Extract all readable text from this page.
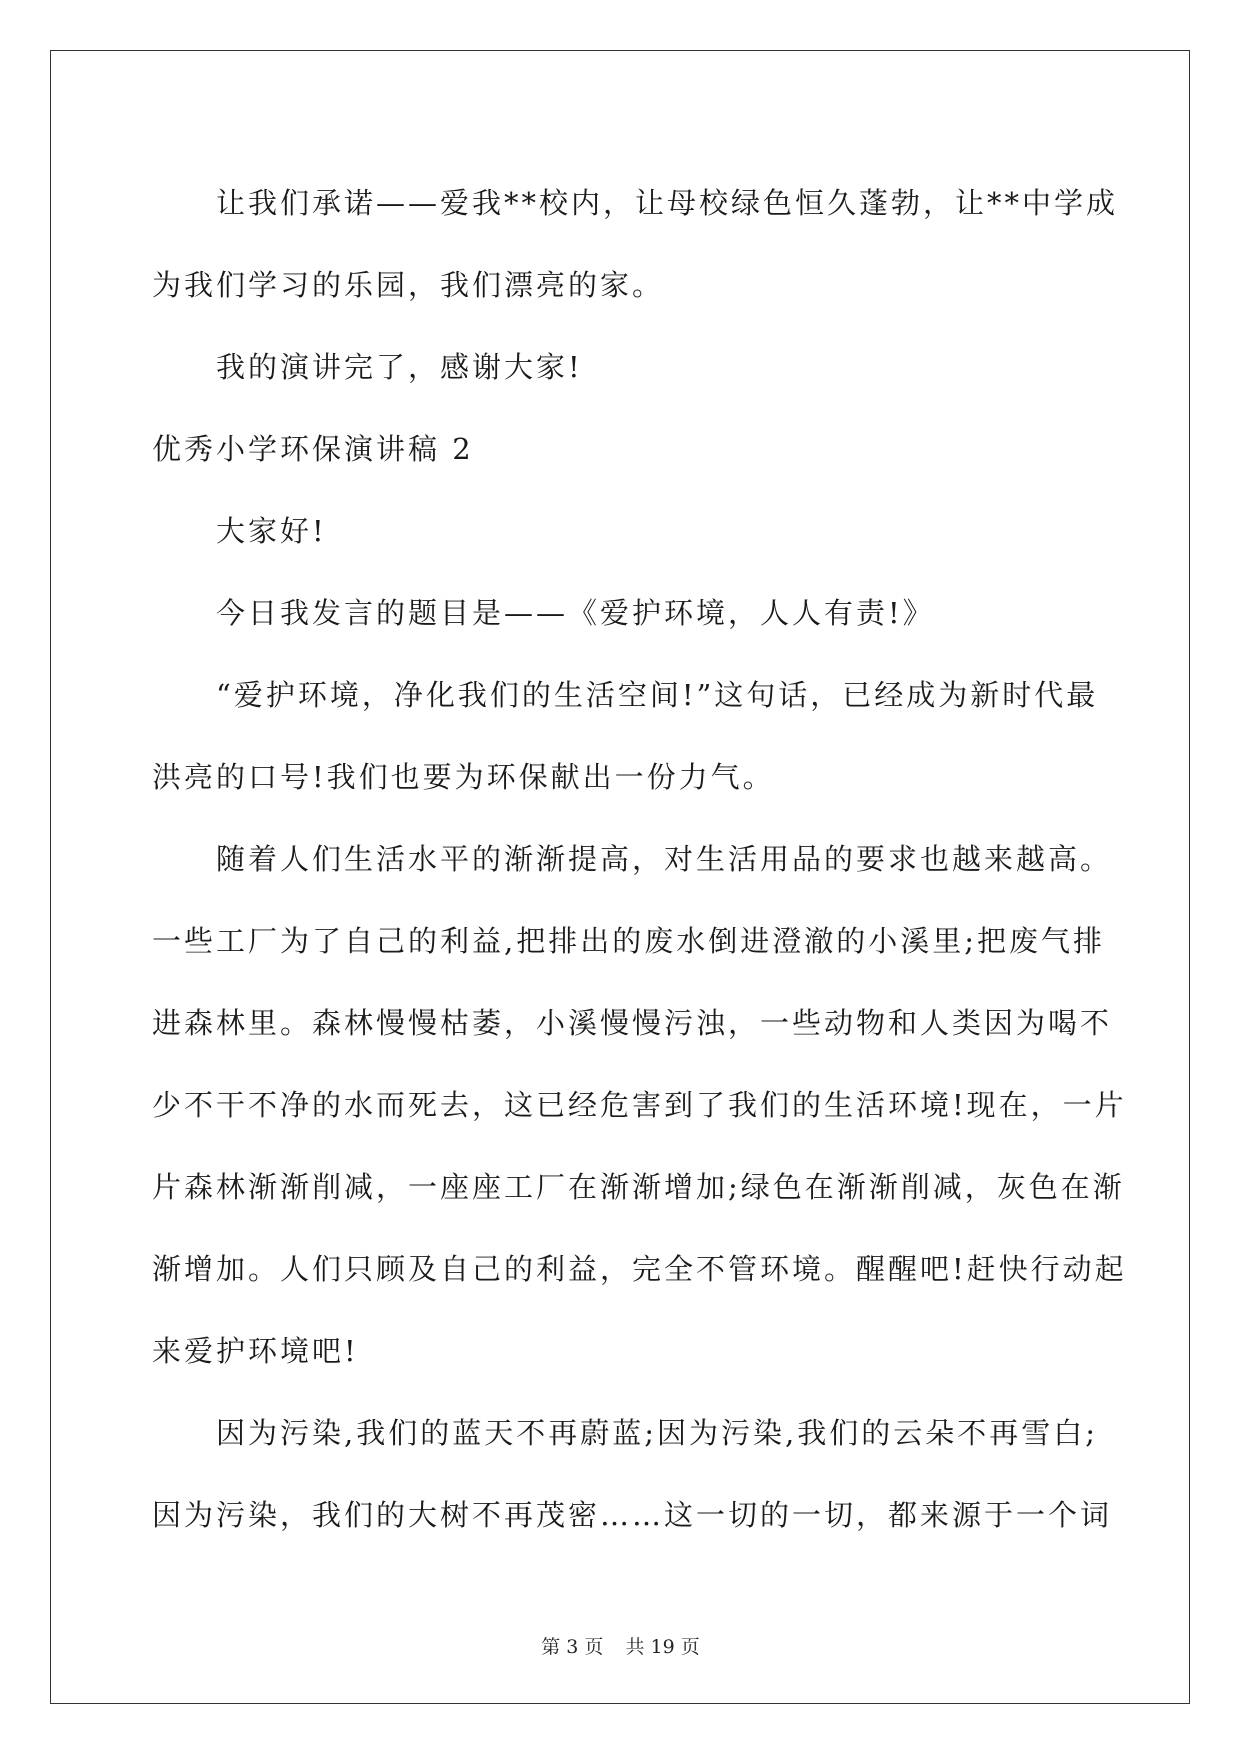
让我们承诺——爱我**校内，让母校绿色恒久蓬勃，让**中学成
为我们学习的乐园，我们漂亮的家。
我的演讲完了，感谢大家!
优秀小学环保演讲稿 2
大家好!
今日我发言的题目是——《爱护环境，人人有责!》
“爱护环境，净化我们的生活空间!”这句话，已经成为新时代最
洪亮的口号!我们也要为环保献出一份力气。
随着人们生活水平的渐渐提高，对生活用品的要求也越来越高。
一些工厂为了自己的利益,把排出的废水倒进澄澈的小溪里;把废气排
进森林里。森林慢慢枯萎，小溪慢慢污浊，一些动物和人类因为喝不
少不干不净的水而死去，这已经危害到了我们的生活环境!现在，一片
片森林渐渐削减，一座座工厂在渐渐增加;绿色在渐渐削减，灰色在渐
渐增加。人们只顾及自己的利益，完全不管环境。醒醒吧!赶快行动起
来爱护环境吧!
因为污染,我们的蓝天不再蔚蓝;因为污染,我们的云朵不再雪白;
因为污染，我们的大树不再茂密……这一切的一切，都来源于一个词
第 3 页 共 19 页
